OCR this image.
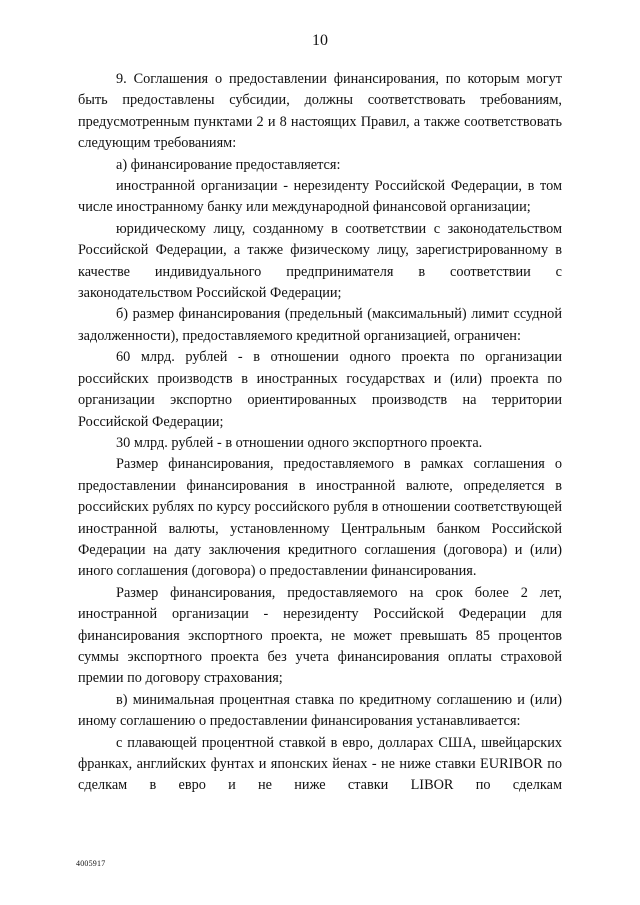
10

9. Соглашения о предоставлении финансирования, по которым могут быть предоставлены субсидии, должны соответствовать требованиям, предусмотренным пунктами 2 и 8 настоящих Правил, а также соответствовать следующим требованиям:

а) финансирование предоставляется:

иностранной организации - нерезиденту Российской Федерации, в том числе иностранному банку или международной финансовой организации;

юридическому лицу, созданному в соответствии с законодательством Российской Федерации, а также физическому лицу, зарегистрированному в качестве индивидуального предпринимателя в соответствии с законодательством Российской Федерации;

б) размер финансирования (предельный (максимальный) лимит ссудной задолженности), предоставляемого кредитной организацией, ограничен:

60 млрд. рублей - в отношении одного проекта по организации российских производств в иностранных государствах и (или) проекта по организации экспортно ориентированных производств на территории Российской Федерации;

30 млрд. рублей - в отношении одного экспортного проекта.

Размер финансирования, предоставляемого в рамках соглашения о предоставлении финансирования в иностранной валюте, определяется в российских рублях по курсу российского рубля в отношении соответствующей иностранной валюты, установленному Центральным банком Российской Федерации на дату заключения кредитного соглашения (договора) и (или) иного соглашения (договора) о предоставлении финансирования.

Размер финансирования, предоставляемого на срок более 2 лет, иностранной организации - нерезиденту Российской Федерации для финансирования экспортного проекта, не может превышать 85 процентов суммы экспортного проекта без учета финансирования оплаты страховой премии по договору страхования;

в) минимальная процентная ставка по кредитному соглашению и (или) иному соглашению о предоставлении финансирования устанавливается:

с плавающей процентной ставкой в евро, долларах США, швейцарских франках, английских фунтах и японских йенах - не ниже ставки EURIBOR по сделкам в евро и не ниже ставки LIBOR по сделкам

4005917
